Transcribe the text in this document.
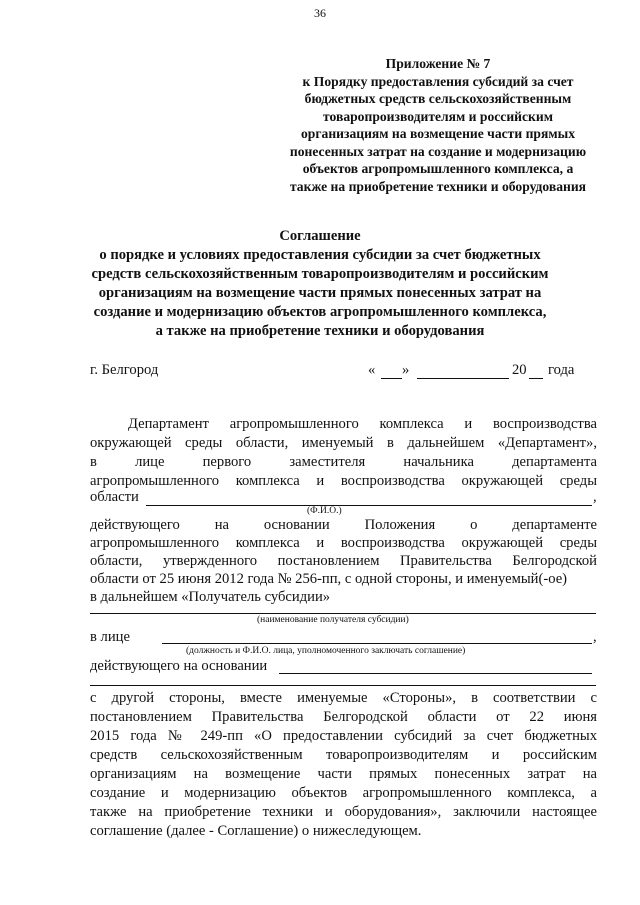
36
Приложение № 7
к Порядку предоставления субсидий за счет
бюджетных средств сельскохозяйственным
товаропроизводителям и российским
организациям на возмещение части прямых
понесенных затрат на создание и модернизацию
объектов агропромышленного комплекса, а
также на приобретение техники и оборудования
Соглашение
о порядке и условиях предоставления субсидии за счет бюджетных
средств сельскохозяйственным товаропроизводителям и российским
организациям на возмещение части прямых понесенных затрат на
создание и модернизацию объектов агропромышленного комплекса,
а также на приобретение техники и оборудования
г. Белгород	« »	20 года
Департамент агропромышленного комплекса и воспроизводства
окружающей среды области, именуемый в дальнейшем «Департамент»,
в лице первого заместителя начальника департамента
агропромышленного комплекса и воспроизводства окружающей среды
области	,
(Ф.И.О.)
действующего на основании Положения о департаменте
агропромышленного комплекса и воспроизводства окружающей среды
области, утвержденного постановлением Правительства Белгородской
области от 25 июня 2012 года № 256-пп, с одной стороны, и именуемый(-ое)
в дальнейшем «Получатель субсидии»
(наименование получателя субсидии)
в лице	,
(должность и Ф.И.О. лица, уполномоченного заключать соглашение)
действующего на основании
с другой стороны, вместе именуемые «Стороны», в соответствии с
постановлением Правительства Белгородской области от 22 июня
2015 года № 249-пп «О предоставлении субсидий за счет бюджетных
средств сельскохозяйственным товаропроизводителям и российским
организациям на возмещение части прямых понесенных затрат на
создание и модернизацию объектов агропромышленного комплекса, а
также на приобретение техники и оборудования», заключили настоящее
соглашение (далее - Соглашение) о нижеследующем.
